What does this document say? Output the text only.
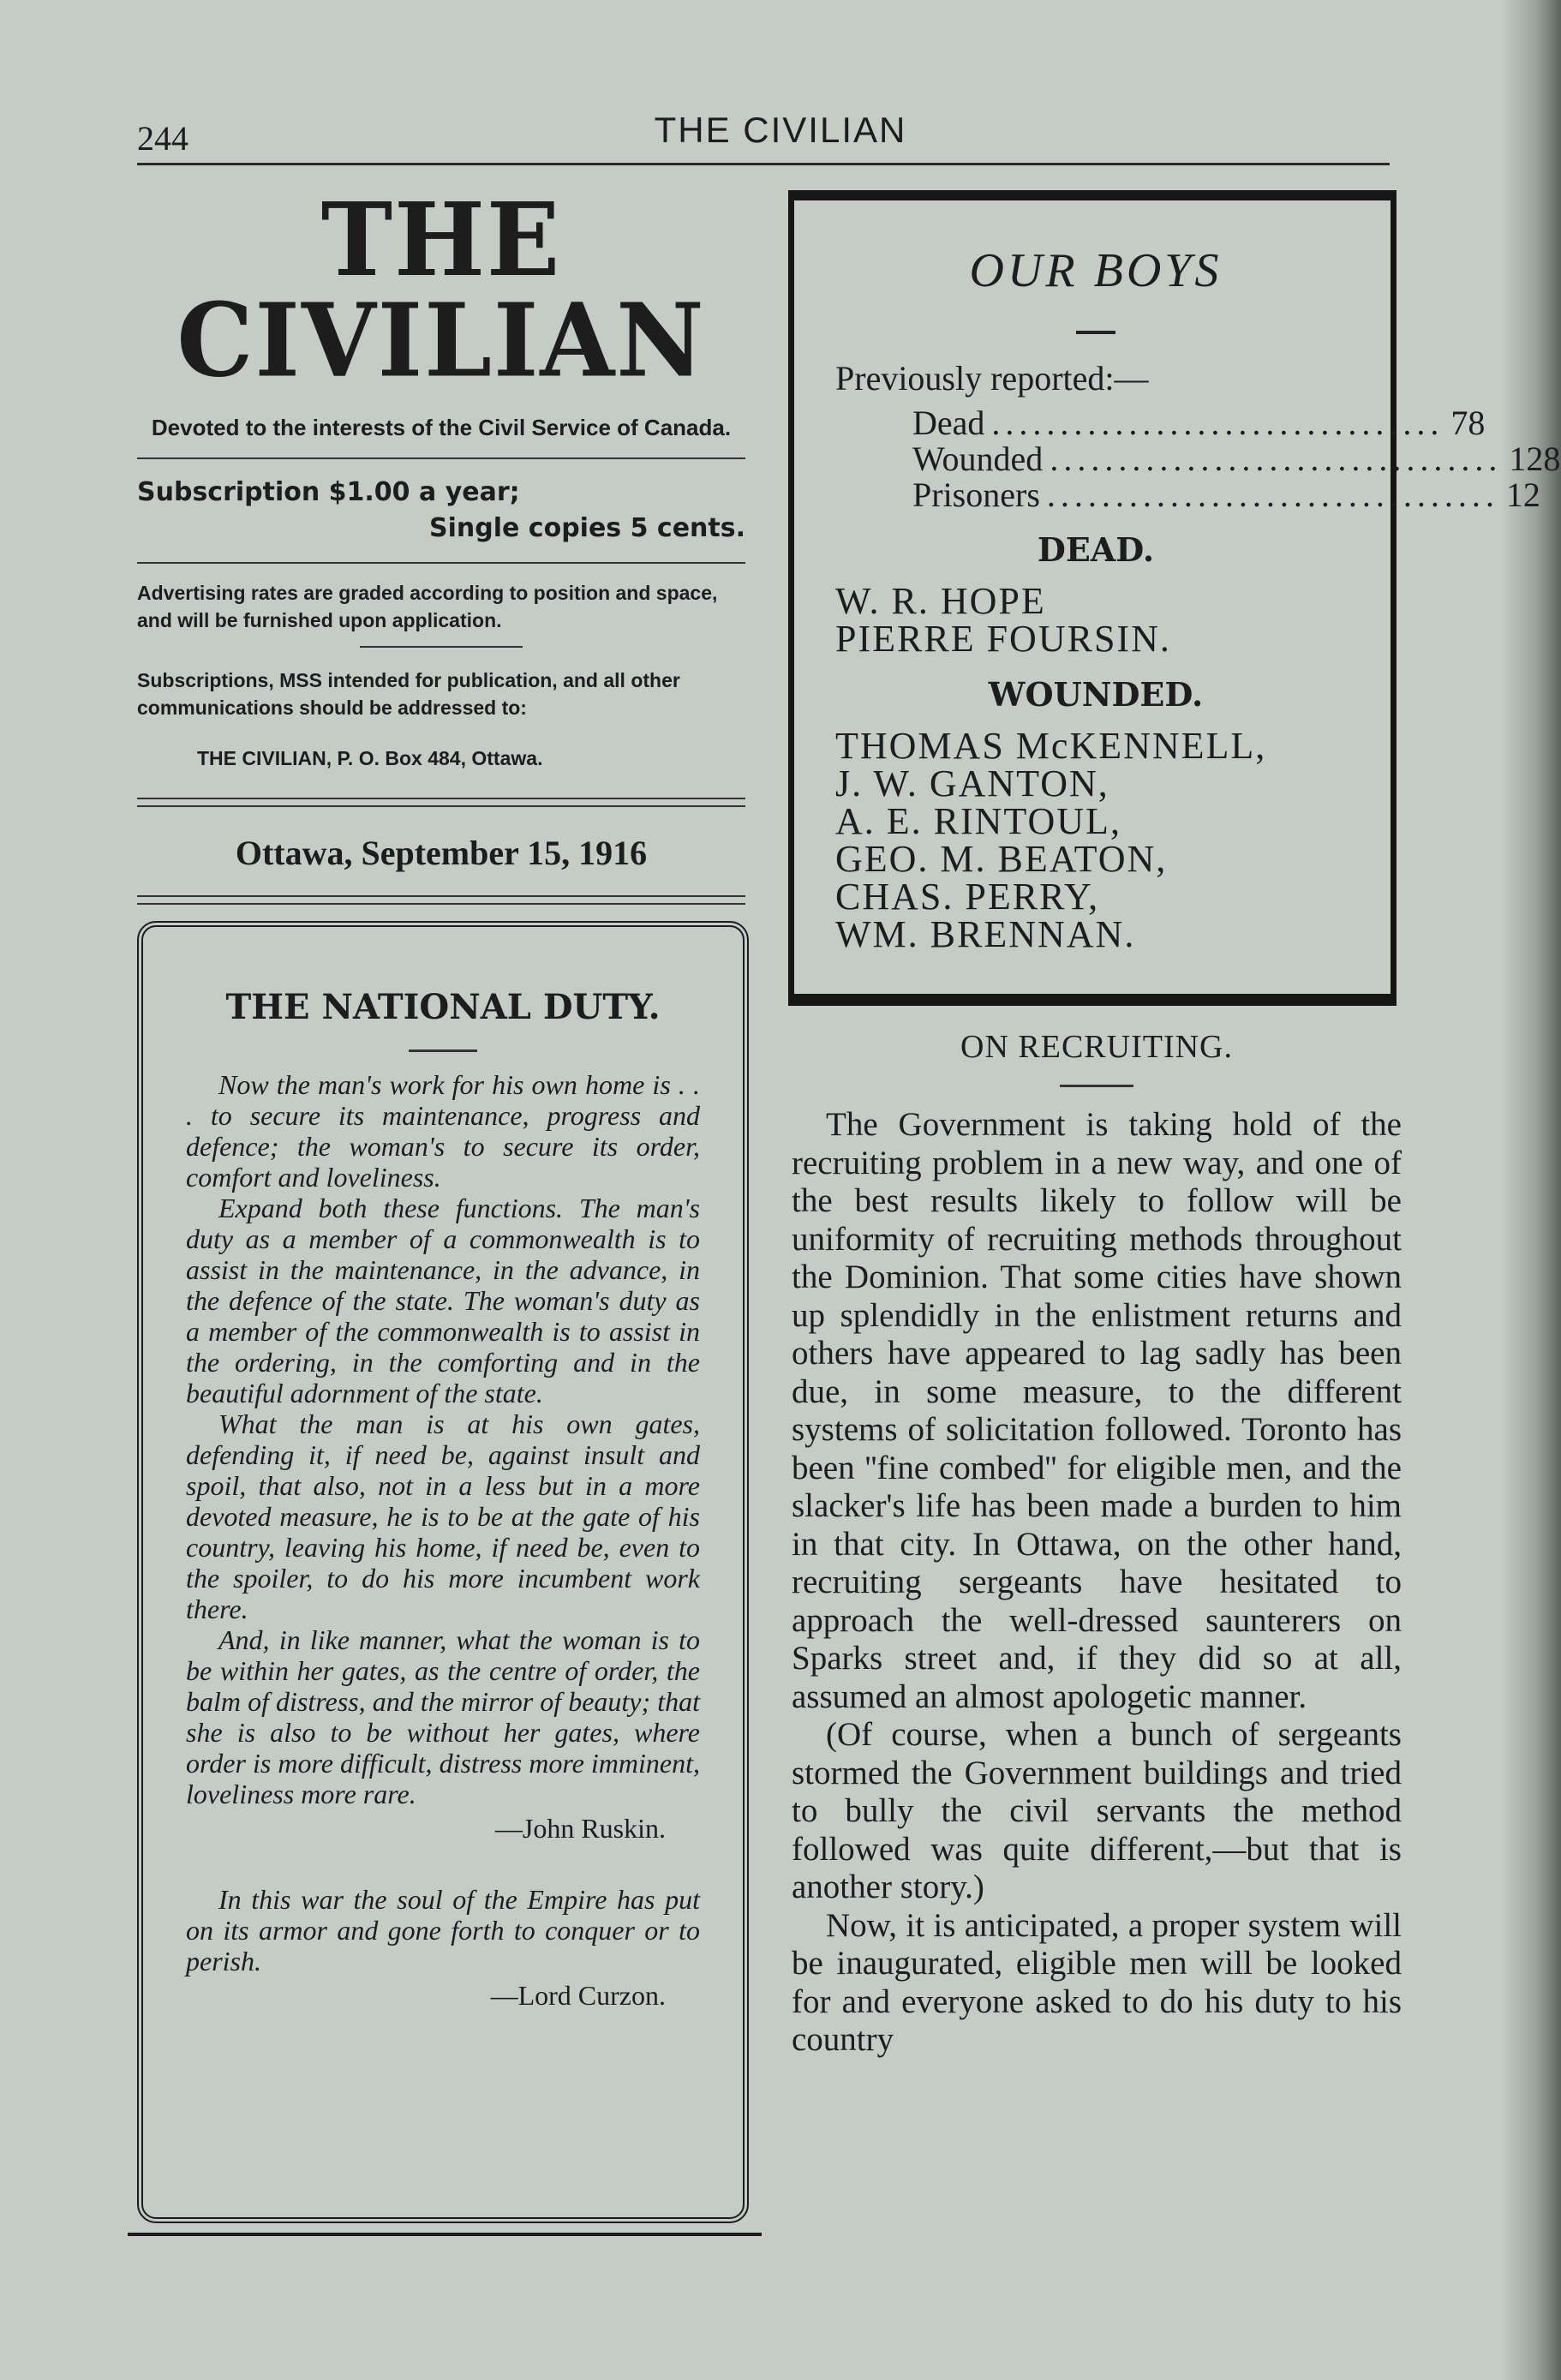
244	THE CIVILIAN
THE CIVILIAN
Devoted to the interests of the Civil Service of Canada.
Subscription $1.00 a year;
Single copies 5 cents.
Advertising rates are graded according to position and space, and will be furnished upon application.
Subscriptions, MSS intended for publication, and all other communications should be addressed to:
THE CIVILIAN, P. O. Box 484, Ottawa.
Ottawa, September 15, 1916
THE NATIONAL DUTY.

Now the man's work for his own home is . . . to secure its maintenance, progress and defence; the woman's to secure its order, comfort and loveliness.

Expand both these functions. The man's duty as a member of a commonwealth is to assist in the maintenance, in the advance, in the defence of the state. The woman's duty as a member of the commonwealth is to assist in the ordering, in the comforting and in the beautiful adornment of the state.

What the man is at his own gates, defending it, if need be, against insult and spoil, that also, not in a less but in a more devoted measure, he is to be at the gate of his country, leaving his home, if need be, even to the spoiler, to do his more incumbent work there.

And, in like manner, what the woman is to be within her gates, as the centre of order, the balm of distress, and the mirror of beauty; that she is also to be without her gates, where order is more difficult, distress more imminent, loveliness more rare.

—John Ruskin.

In this war the soul of the Empire has put on its armor and gone forth to conquer or to perish.

—Lord Curzon.
OUR BOYS
Previously reported:—
Dead ................................. 78
Wounded ................................. 128
Prisoners ................................. 12
DEAD.
W. R. HOPE
PIERRE FOURSIN.
WOUNDED.
THOMAS McKENNELL,
J. W. GANTON,
A. E. RINTOUL,
GEO. M. BEATON,
CHAS. PERRY,
WM. BRENNAN.
ON RECRUITING.

The Government is taking hold of the recruiting problem in a new way, and one of the best results likely to follow will be uniformity of recruiting methods throughout the Dominion. That some cities have shown up splendidly in the enlistment returns and others have appeared to lag sadly has been due, in some measure, to the different systems of solicitation followed. Toronto has been ''fine combed'' for eligible men, and the slacker's life has been made a burden to him in that city. In Ottawa, on the other hand, recruiting sergeants have hesitated to approach the well-dressed saunterers on Sparks street and, if they did so at all, assumed an almost apologetic manner.

(Of course, when a bunch of sergeants stormed the Government buildings and tried to bully the civil servants the method followed was quite different,—but that is another story.)

Now, it is anticipated, a proper system will be inaugurated, eligible men will be looked for and everyone asked to do his duty to his country
